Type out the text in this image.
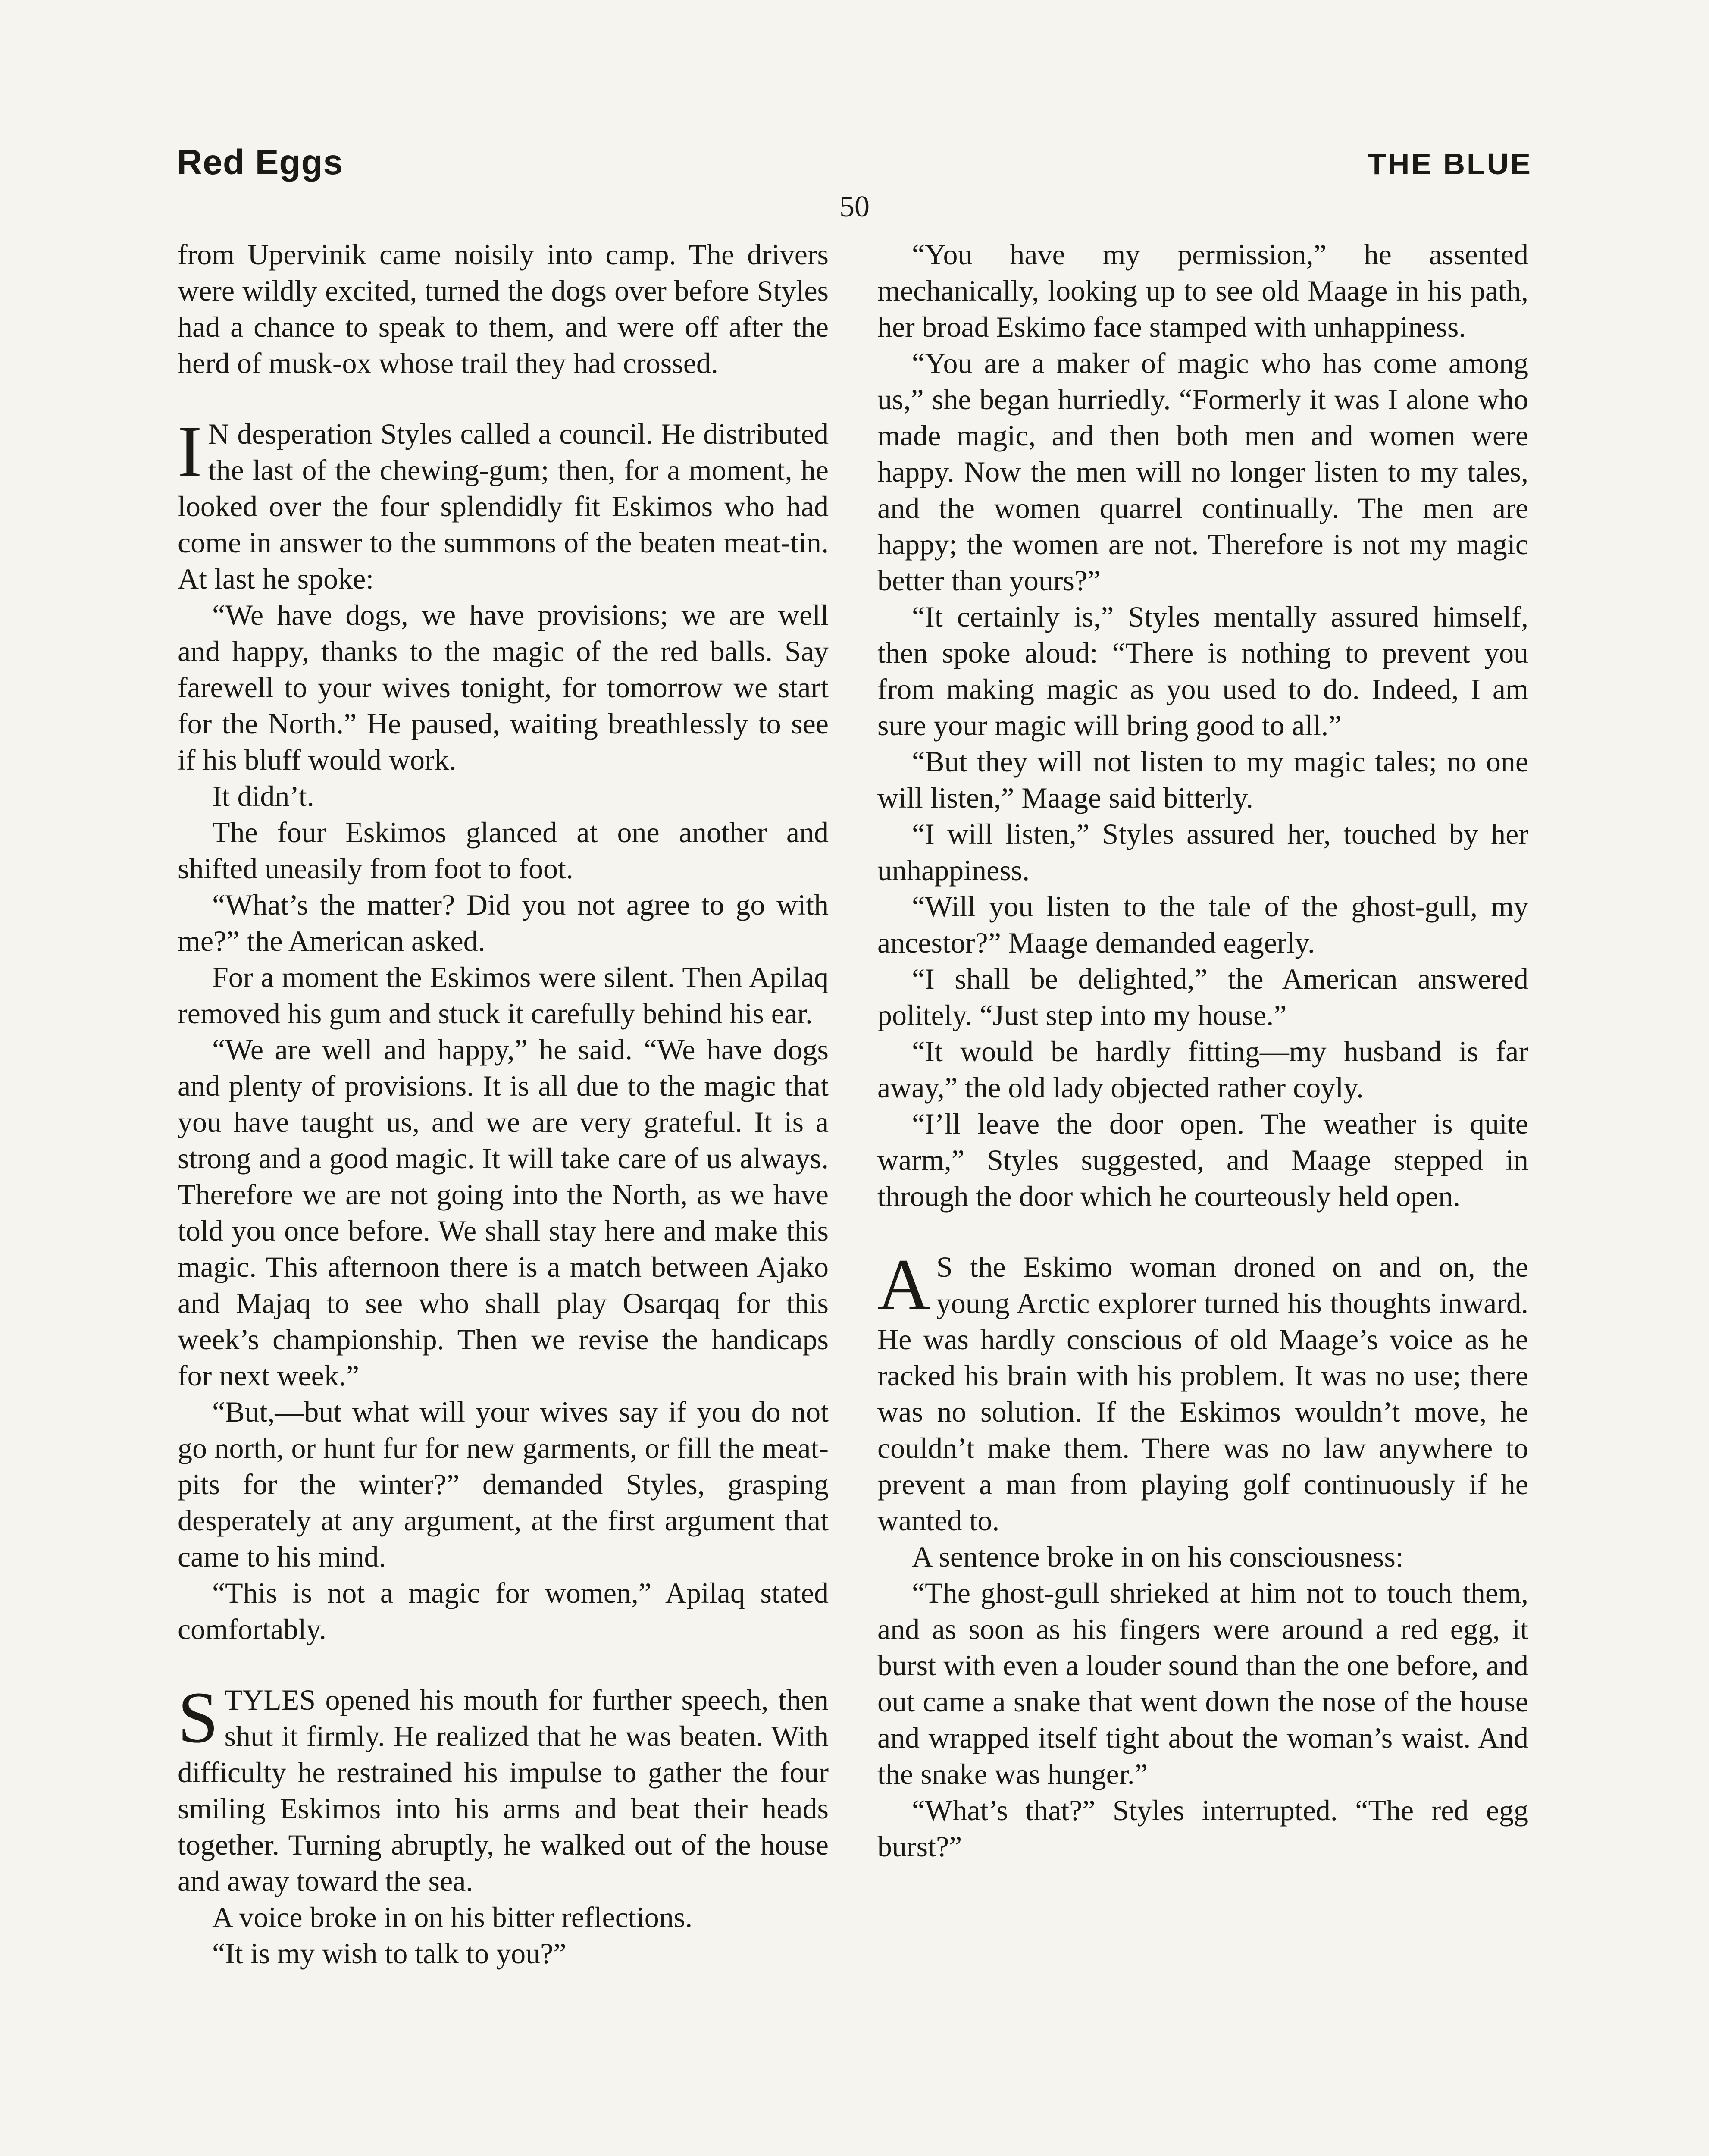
Red Eggs	THE BLUE
50

from Upervinik came noisily into camp. The drivers were wildly excited, turned the dogs over before Styles had a chance to speak to them, and were off after the herd of musk-ox whose trail they had crossed.

I N desperation Styles called a council. He distributed the last of the chewing-gum; then, for a moment, he looked over the four splendidly fit Eskimos who had come in answer to the summons of the beaten meat-tin. At last he spoke:

“We have dogs, we have provisions; we are well and happy, thanks to the magic of the red balls. Say farewell to your wives tonight, for tomorrow we start for the North.” He paused, waiting breathlessly to see if his bluff would work.

It didn’t.

The four Eskimos glanced at one another and shifted uneasily from foot to foot.

“What’s the matter? Did you not agree to go with me?” the American asked.

For a moment the Eskimos were silent. Then Apilaq removed his gum and stuck it carefully behind his ear.

“We are well and happy,” he said. “We have dogs and plenty of provisions. It is all due to the magic that you have taught us, and we are very grateful. It is a strong and a good magic. It will take care of us always. Therefore we are not going into the North, as we have told you once before. We shall stay here and make this magic. This afternoon there is a match between Ajako and Majaq to see who shall play Osarqaq for this week’s championship. Then we revise the handicaps for next week.”

“But,—but what will your wives say if you do not go north, or hunt fur for new garments, or fill the meat-pits for the winter?” demanded Styles, grasping desperately at any argument, at the first argument that came to his mind.

“This is not a magic for women,” Apilaq stated comfortably.

STYLES opened his mouth for further speech, then shut it firmly. He realized that he was beaten. With difficulty he restrained his impulse to gather the four smiling Eskimos into his arms and beat their heads together. Turning abruptly, he walked out of the house and away toward the sea.

A voice broke in on his bitter reflections.

“It is my wish to talk to you?”

“You have my permission,” he assented mechanically, looking up to see old Maage in his path, her broad Eskimo face stamped with unhappiness.

“You are a maker of magic who has come among us,” she began hurriedly. “Formerly it was I alone who made magic, and then both men and women were happy. Now the men will no longer listen to my tales, and the women quarrel continually. The men are happy; the women are not. Therefore is not my magic better than yours?”

“It certainly is,” Styles mentally assured himself, then spoke aloud: “There is nothing to prevent you from making magic as you used to do. Indeed, I am sure your magic will bring good to all.”

“But they will not listen to my magic tales; no one will listen,” Maage said bitterly.

“I will listen,” Styles assured her, touched by her unhappiness.

“Will you listen to the tale of the ghost-gull, my ancestor?” Maage demanded eagerly.

“I shall be delighted,” the American answered politely. “Just step into my house.”

“It would be hardly fitting—my husband is far away,” the old lady objected rather coyly.

“I’ll leave the door open. The weather is quite warm,” Styles suggested, and Maage stepped in through the door which he courteously held open.

A S the Eskimo woman droned on and on, the young Arctic explorer turned his thoughts inward. He was hardly conscious of old Maage’s voice as he racked his brain with his problem. It was no use; there was no solution. If the Eskimos wouldn’t move, he couldn’t make them. There was no law anywhere to prevent a man from playing golf continuously if he wanted to.

A sentence broke in on his consciousness:

“The ghost-gull shrieked at him not to touch them, and as soon as his fingers were around a red egg, it burst with even a louder sound than the one before, and out came a snake that went down the nose of the house and wrapped itself tight about the woman’s waist. And the snake was hunger.”

“What’s that?” Styles interrupted. “The red egg burst?”
